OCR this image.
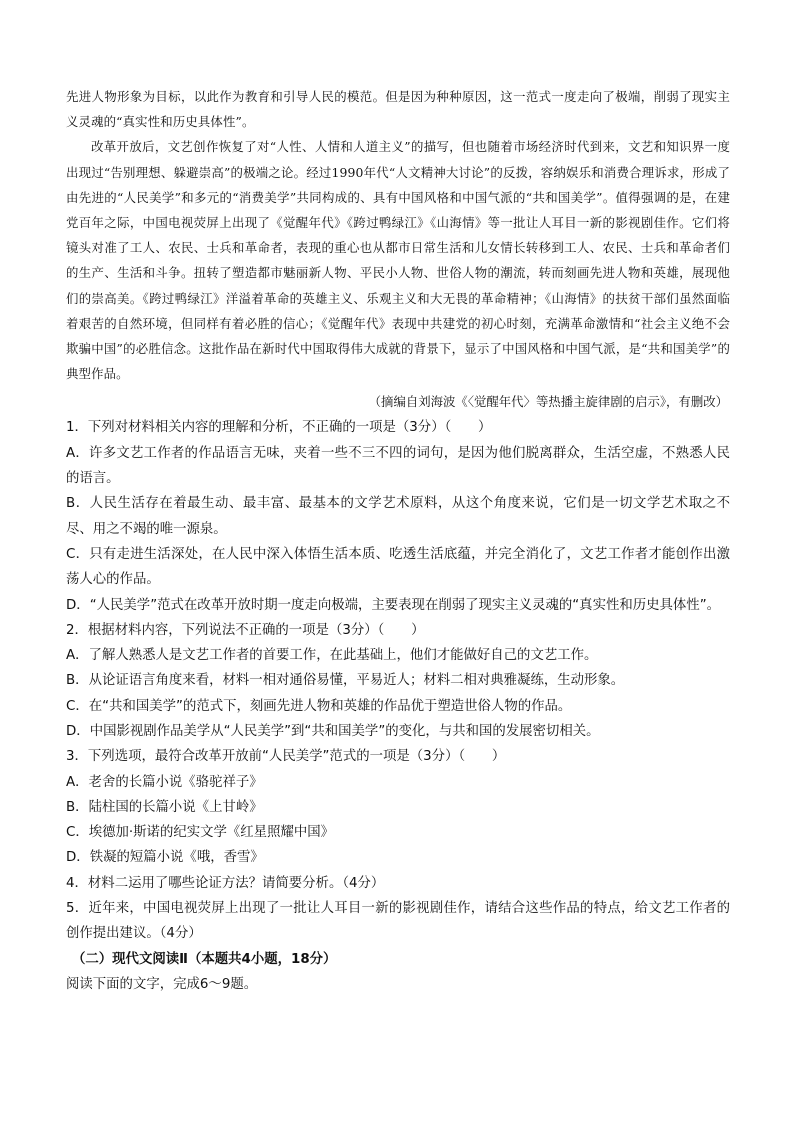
先进人物形象为目标，以此作为教育和引导人民的模范。但是因为种种原因，这一范式一度走向了极端，削弱了现实主义灵魂的“真实性和历史具体性”。

改革开放后，文艺创作恢复了对“人性、人情和人道主义”的描写，但也随着市场经济时代到来，文艺和知识界一度出现过“告别理想、躲避崇高”的极端之论。经过1990年代“人文精神大讨论”的反拨，容纳娱乐和消费合理诉求，形成了由先进的“人民美学”和多元的“消费美学”共同构成的、具有中国风格和中国气派的“共和国美学”。值得强调的是，在建党百年之际，中国电视荧屏上出现了《觉醒年代》《跨过鸭绿江》《山海情》等一批让人耳目一新的影视剧佳作。它们将镜头对准了工人、农民、士兵和革命者，表现的重心也从都市日常生活和儿女情长转移到工人、农民、士兵和革命者们的生产、生活和斗争。扭转了塑造都市魅丽新人物、平民小人物、世俗人物的潮流，转而刻画先进人物和英雄，展现他们的崇高美。《跨过鸭绿江》洋溢着革命的英雄主义、乐观主义和大无畏的革命精神；《山海情》的扶贫干部们虽然面临着艰苦的自然环境，但同样有着必胜的信心；《觉醒年代》表现中共建党的初心时刻，充满革命激情和“社会主义绝不会欺骗中国”的必胜信念。这批作品在新时代中国取得伟大成就的背景下，显示了中国风格和中国气派，是“共和国美学”的典型作品。

（摘编自刘海波《〈觉醒年代〉等热播主旋律剧的启示》，有删改）

1．下列对材料相关内容的理解和分析，不正确的一项是（3分）（　　）

A．许多文艺工作者的作品语言无味，夹着一些不三不四的词句，是因为他们脱离群众，生活空虚，不熟悉人民的语言。

B．人民生活存在着最生动、最丰富、最基本的文学艺术原料，从这个角度来说，它们是一切文学艺术取之不尽、用之不竭的唯一源泉。

C．只有走进生活深处，在人民中深入体悟生活本质、吃透生活底蕴，并完全消化了，文艺工作者才能创作出激荡人心的作品。

D．“人民美学”范式在改革开放时期一度走向极端，主要表现在削弱了现实主义灵魂的“真实性和历史具体性”。

2．根据材料内容，下列说法不正确的一项是（3分）（　　）

A．了解人熟悉人是文艺工作者的首要工作，在此基础上，他们才能做好自己的文艺工作。

B．从论证语言角度来看，材料一相对通俗易懂，平易近人；材料二相对典雅凝练，生动形象。

C．在“共和国美学”的范式下，刻画先进人物和英雄的作品优于塑造世俗人物的作品。

D．中国影视剧作品美学从“人民美学”到“共和国美学”的变化，与共和国的发展密切相关。

3．下列选项，最符合改革开放前“人民美学”范式的一项是（3分）（　　）

A．老舍的长篇小说《骆驼祥子》

B．陆柱国的长篇小说《上甘岭》

C．埃德加·斯诺的纪实文学《红星照耀中国》

D．铁凝的短篇小说《哦，香雪》

4．材料二运用了哪些论证方法？请简要分析。（4分）

5．近年来，中国电视荧屏上出现了一批让人耳目一新的影视剧佳作，请结合这些作品的特点，给文艺工作者的创作提出建议。（4分）

（二）现代文阅读Ⅱ（本题共4小题，18分）

阅读下面的文字，完成6～9题。
